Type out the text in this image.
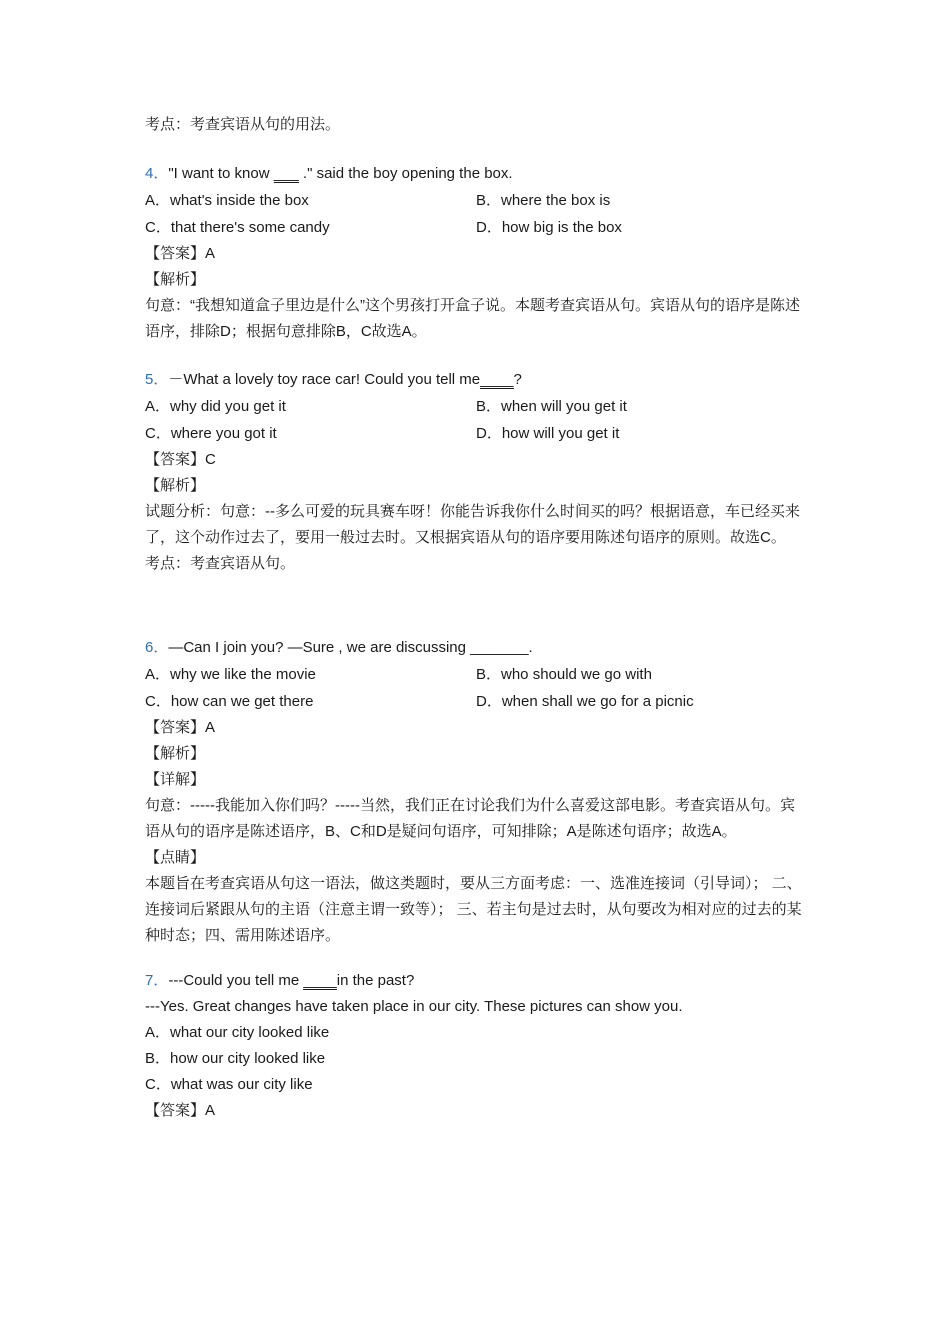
考点：考查宾语从句的用法。
4．"I want to know ___ ." said the boy opening the box.
A．what's inside the box	B．where the box is
C．that there's some candy	D．how big is the box
【答案】A
【解析】
句意：“我想知道盒子里边是什么”这个男孩打开盒子说。本题考查宾语从句。宾语从句的语序是陈述语序，排除D；根据句意排除B，C故选A。
5．－What a lovely toy race car! Could you tell me____?
A．why did you get it	B．when will you get it
C．where you got it	D．how will you get it
【答案】C
【解析】
试题分析：句意：--多么可爱的玩具赛车呀！你能告诉我你什么时间买的吗？根据语意，车已经买来了，这个动作过去了，要用一般过去时。又根据宾语从句的语序要用陈述句语序的原则。故选C。
考点：考查宾语从句。
6．—Can I join you? —Sure , we are discussing _______.
A．why we like the movie	B．who should we go with
C．how can we get there	D．when shall we go for a picnic
【答案】A
【解析】
【详解】
句意：-----我能加入你们吗？-----当然，我们正在讨论我们为什么喜爱这部电影。考查宾语从句。宾语从句的语序是陈述语序，B、C和D是疑问句语序，可知排除；A是陈述句语序；故选A。
【点睛】
本题旨在考查宾语从句这一语法，做这类题时，要从三方面考虑：一、选准连接词（引导词）； 二、连接词后紧跟从句的主语（注意主谓一致等）； 三、若主句是过去时，从句要改为相对应的过去的某种时态；四、需用陈述语序。
7．---Could you tell me ____in the past?
---Yes. Great changes have taken place in our city. These pictures can show you.
A．what our city looked like
B．how our city looked like
C．what was our city like
【答案】A
